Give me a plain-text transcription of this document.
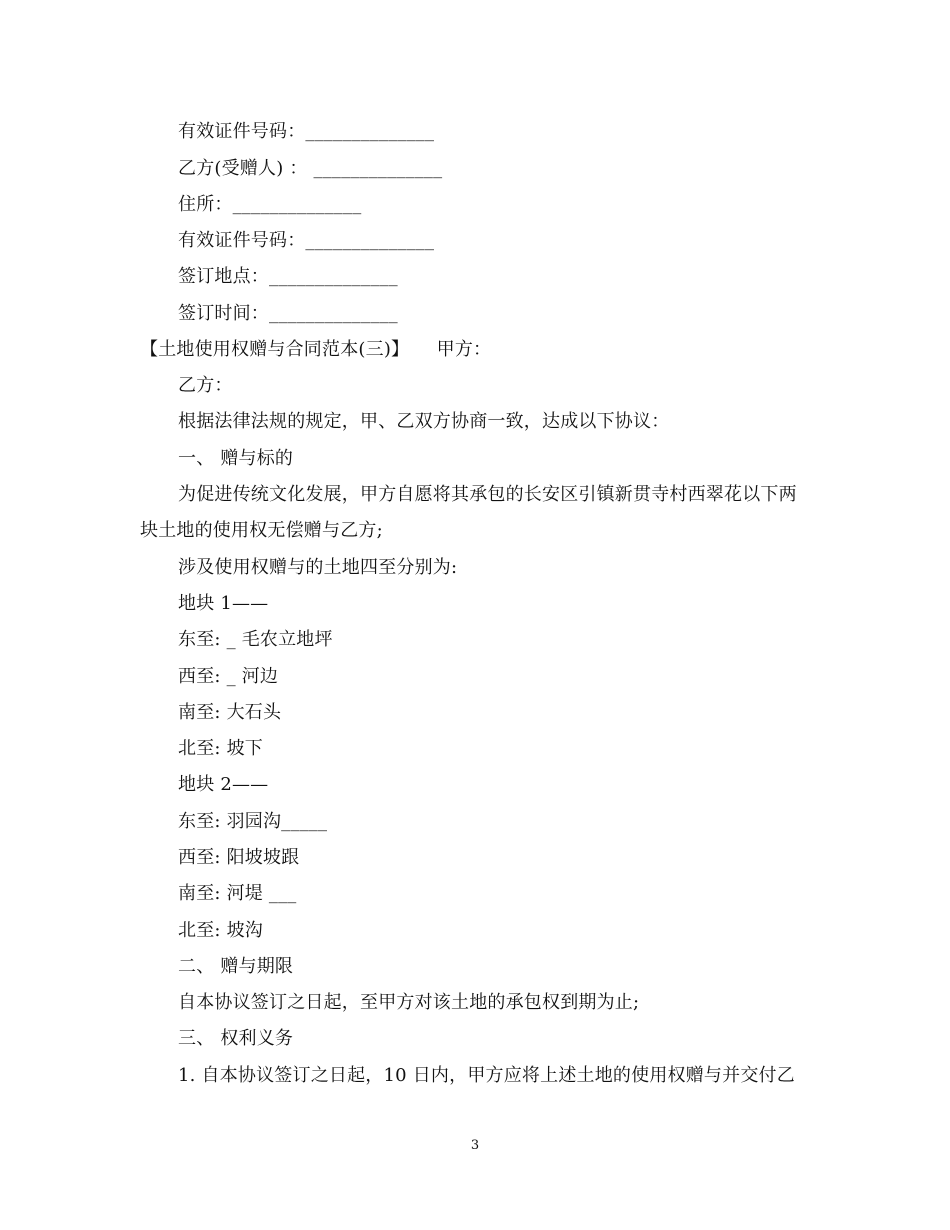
有效证件号码：______________
乙方(受赠人) ： ______________
住所：______________
有效证件号码：______________
签订地点：______________
签订时间：______________
【土地使用权赠与合同范本(三)】　　甲方：
乙方：
根据法律法规的规定，甲、乙双方协商一致，达成以下协议：
一、 赠与标的
为促进传统文化发展，甲方自愿将其承包的长安区引镇新贯寺村西翠花以下两
块土地的使用权无偿赠与乙方;
涉及使用权赠与的土地四至分别为:
地块 1——
东至: _ 毛农立地坪
西至: _ 河边
南至: 大石头
北至: 坡下
地块 2——
东至: 羽园沟_____
西至: 阳坡坡跟
南至: 河堤 ___
北至: 坡沟
二、 赠与期限
自本协议签订之日起，至甲方对该土地的承包权到期为止;
三、 权利义务
1. 自本协议签订之日起，10 日内，甲方应将上述土地的使用权赠与并交付乙
3
